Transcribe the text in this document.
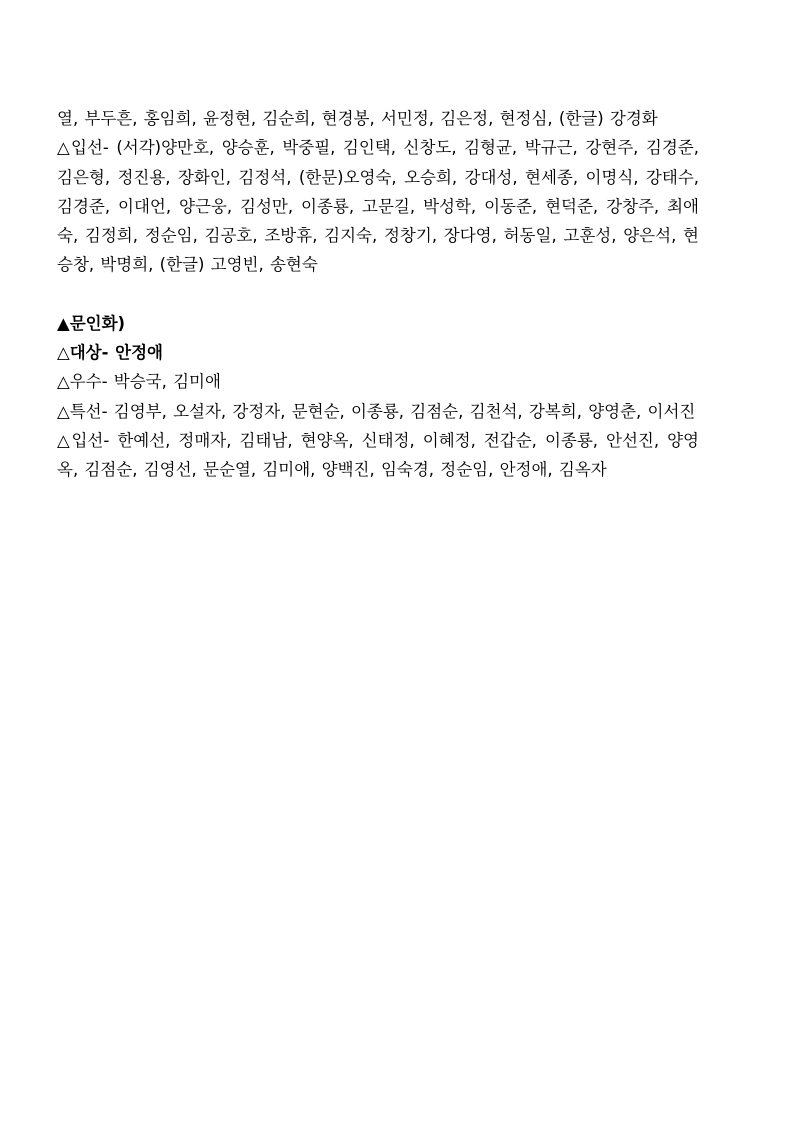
열, 부두흔, 홍임희, 윤정현, 김순희, 현경봉, 서민정, 김은정, 현정심, (한글) 강경화

△입선- (서각)양만호, 양승훈, 박중필, 김인택, 신창도, 김형균, 박규근, 강현주, 김경준, 김은형, 정진용, 장화인, 김정석, (한문)오영숙, 오승희, 강대성, 현세종, 이명식, 강태수, 김경준, 이대언, 양근웅, 김성만, 이종룡, 고문길, 박성학, 이동준, 현덕준, 강창주, 최애숙, 김정희, 정순임, 김공호, 조방휴, 김지숙, 정창기, 장다영, 허동일, 고훈성, 양은석, 현승창, 박명희, (한글) 고영빈, 송현숙

▲문인화)

△대상- 안정애

△우수- 박승국, 김미애

△특선- 김영부, 오설자, 강정자, 문현순, 이종룡, 김점순, 김천석, 강복희, 양영춘, 이서진

△입선- 한예선, 정매자, 김태남, 현양옥, 신태정, 이혜정, 전갑순, 이종룡, 안선진, 양영옥, 김점순, 김영선, 문순열, 김미애, 양백진, 임숙경, 정순임, 안정애, 김옥자
